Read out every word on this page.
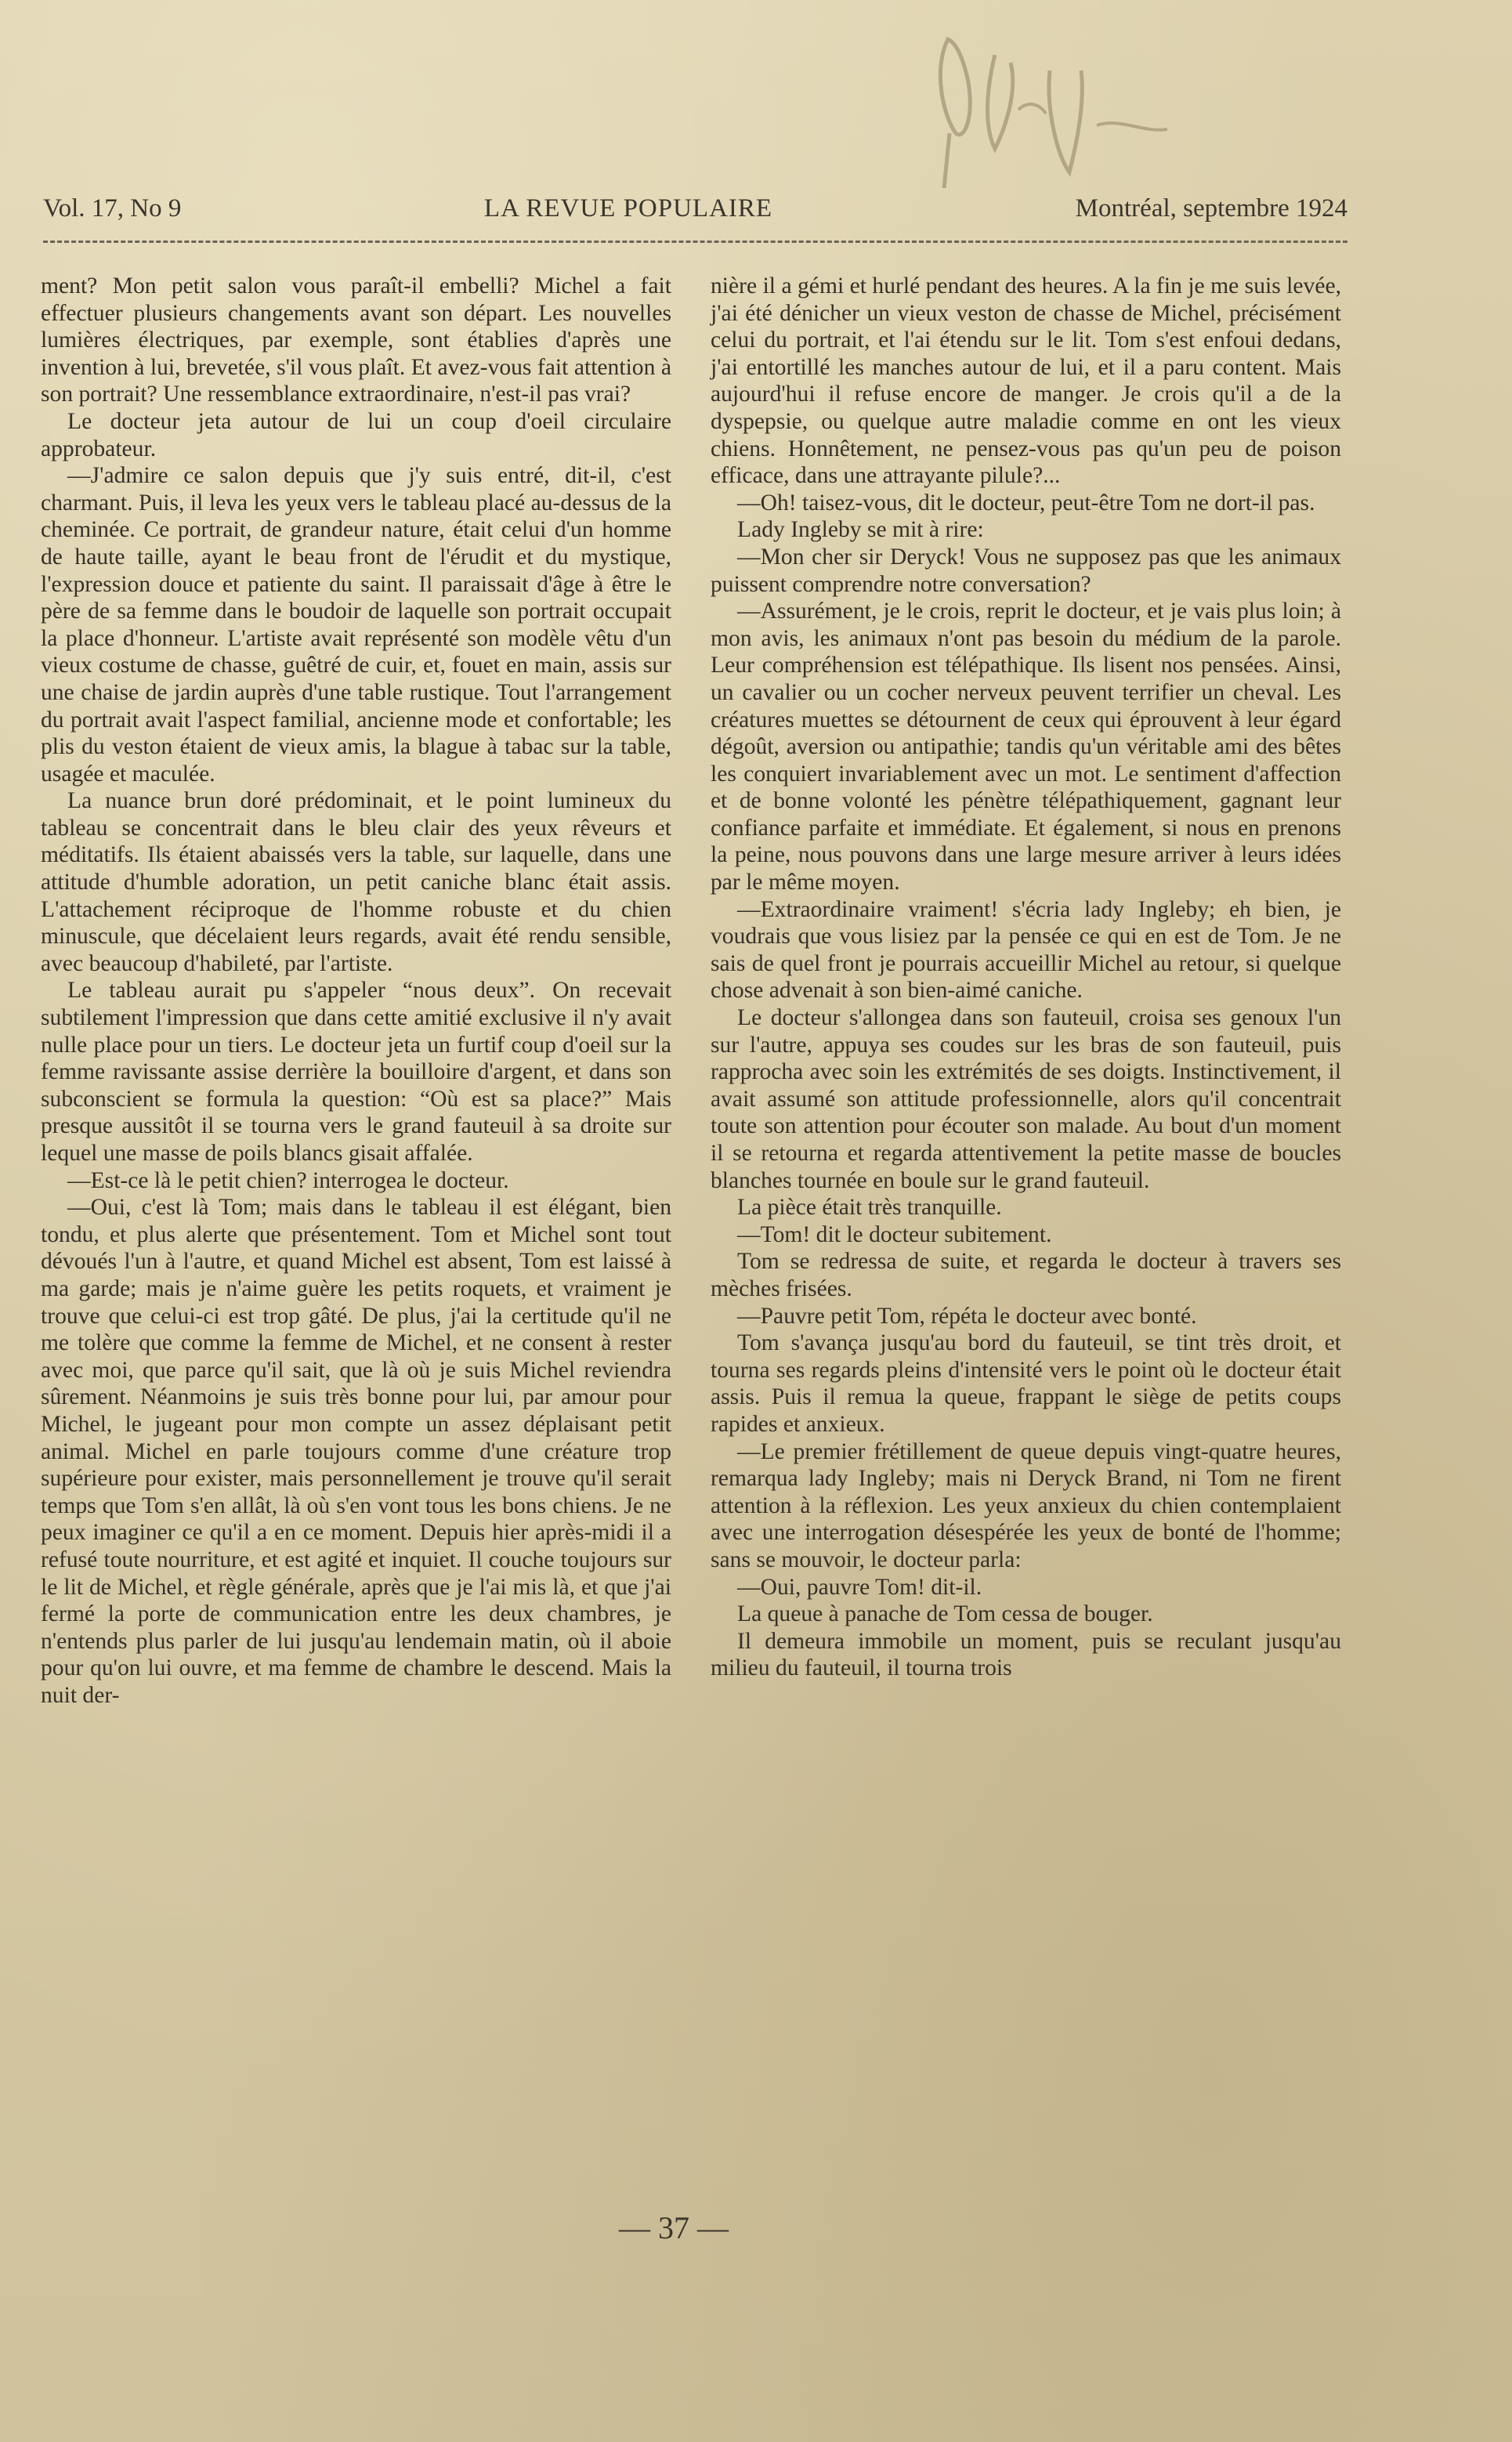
Vol. 17, No 9	LA REVUE POPULAIRE	Montréal, septembre 1924

ment? Mon petit salon vous paraît-il embelli? Michel a fait effectuer plusieurs changements avant son départ. Les nouvelles lumières électriques, par exemple, sont établies d'après une invention à lui, brevetée, s'il vous plaît. Et avez-vous fait attention à son portrait? Une ressemblance extraordinaire, n'est-il pas vrai?

Le docteur jeta autour de lui un coup d'oeil circulaire approbateur.

—J'admire ce salon depuis que j'y suis entré, dit-il, c'est charmant. Puis, il leva les yeux vers le tableau placé au-dessus de la cheminée. Ce portrait, de grandeur nature, était celui d'un homme de haute taille, ayant le beau front de l'érudit et du mystique, l'expression douce et patiente du saint. Il paraissait d'âge à être le père de sa femme dans le boudoir de laquelle son portrait occupait la place d'honneur. L'artiste avait représenté son modèle vêtu d'un vieux costume de chasse, guêtré de cuir, et, fouet en main, assis sur une chaise de jardin auprès d'une table rustique. Tout l'arrangement du portrait avait l'aspect familial, ancienne mode et confortable; les plis du veston étaient de vieux amis, la blague à tabac sur la table, usagée et maculée.

La nuance brun doré prédominait, et le point lumineux du tableau se concentrait dans le bleu clair des yeux rêveurs et méditatifs. Ils étaient abaissés vers la table, sur laquelle, dans une attitude d'humble adoration, un petit caniche blanc était assis. L'attachement réciproque de l'homme robuste et du chien minuscule, que décelaient leurs regards, avait été rendu sensible, avec beaucoup d'habileté, par l'artiste.

Le tableau aurait pu s'appeler “nous deux”. On recevait subtilement l'impression que dans cette amitié exclusive il n'y avait nulle place pour un tiers. Le docteur jeta un furtif coup d'oeil sur la femme ravissante assise derrière la bouilloire d'argent, et dans son subconscient se formula la question: “Où est sa place?” Mais presque aussitôt il se tourna vers le grand fauteuil à sa droite sur lequel une masse de poils blancs gisait affalée.

—Est-ce là le petit chien? interrogea le docteur.

—Oui, c'est là Tom; mais dans le tableau il est élégant, bien tondu, et plus alerte que présentement. Tom et Michel sont tout dévoués l'un à l'autre, et quand Michel est absent, Tom est laissé à ma garde; mais je n'aime guère les petits roquets, et vraiment je trouve que celui-ci est trop gâté. De plus, j'ai la certitude qu'il ne me tolère que comme la femme de Michel, et ne consent à rester avec moi, que parce qu'il sait, que là où je suis Michel reviendra sûrement. Néanmoins je suis très bonne pour lui, par amour pour Michel, le jugeant pour mon compte un assez déplaisant petit animal. Michel en parle toujours comme d'une créature trop supérieure pour exister, mais personnellement je trouve qu'il serait temps que Tom s'en allât, là où s'en vont tous les bons chiens. Je ne peux imaginer ce qu'il a en ce moment. Depuis hier après-midi il a refusé toute nourriture, et est agité et inquiet. Il couche toujours sur le lit de Michel, et règle générale, après que je l'ai mis là, et que j'ai fermé la porte de communication entre les deux chambres, je n'entends plus parler de lui jusqu'au lendemain matin, où il aboie pour qu'on lui ouvre, et ma femme de chambre le descend. Mais la nuit der-

nière il a gémi et hurlé pendant des heures. A la fin je me suis levée, j'ai été dénicher un vieux veston de chasse de Michel, précisément celui du portrait, et l'ai étendu sur le lit. Tom s'est enfoui dedans, j'ai entortillé les manches autour de lui, et il a paru content. Mais aujourd'hui il refuse encore de manger. Je crois qu'il a de la dyspepsie, ou quelque autre maladie comme en ont les vieux chiens. Honnêtement, ne pensez-vous pas qu'un peu de poison efficace, dans une attrayante pilule?...

—Oh! taisez-vous, dit le docteur, peut-être Tom ne dort-il pas.

Lady Ingleby se mit à rire:

—Mon cher sir Deryck! Vous ne supposez pas que les animaux puissent comprendre notre conversation?

—Assurément, je le crois, reprit le docteur, et je vais plus loin; à mon avis, les animaux n'ont pas besoin du médium de la parole. Leur compréhension est télépathique. Ils lisent nos pensées. Ainsi, un cavalier ou un cocher nerveux peuvent terrifier un cheval. Les créatures muettes se détournent de ceux qui éprouvent à leur égard dégoût, aversion ou antipathie; tandis qu'un véritable ami des bêtes les conquiert invariablement avec un mot. Le sentiment d'affection et de bonne volonté les pénètre télépathiquement, gagnant leur confiance parfaite et immédiate. Et également, si nous en prenons la peine, nous pouvons dans une large mesure arriver à leurs idées par le même moyen.

—Extraordinaire vraiment! s'écria lady Ingleby; eh bien, je voudrais que vous lisiez par la pensée ce qui en est de Tom. Je ne sais de quel front je pourrais accueillir Michel au retour, si quelque chose advenait à son bien-aimé caniche.

Le docteur s'allongea dans son fauteuil, croisa ses genoux l'un sur l'autre, appuya ses coudes sur les bras de son fauteuil, puis rapprocha avec soin les extrémités de ses doigts. Instinctivement, il avait assumé son attitude professionnelle, alors qu'il concentrait toute son attention pour écouter son malade. Au bout d'un moment il se retourna et regarda attentivement la petite masse de boucles blanches tournée en boule sur le grand fauteuil.

La pièce était très tranquille.

—Tom! dit le docteur subitement.

Tom se redressa de suite, et regarda le docteur à travers ses mèches frisées.

—Pauvre petit Tom, répéta le docteur avec bonté.

Tom s'avança jusqu'au bord du fauteuil, se tint très droit, et tourna ses regards pleins d'intensité vers le point où le docteur était assis. Puis il remua la queue, frappant le siège de petits coups rapides et anxieux.

—Le premier frétillement de queue depuis vingt-quatre heures, remarqua lady Ingleby; mais ni Deryck Brand, ni Tom ne firent attention à la réflexion. Les yeux anxieux du chien contemplaient avec une interrogation désespérée les yeux de bonté de l'homme; sans se mouvoir, le docteur parla:

—Oui, pauvre Tom! dit-il.

La queue à panache de Tom cessa de bouger.

Il demeura immobile un moment, puis se reculant jusqu'au milieu du fauteuil, il tourna trois

— 37 —
